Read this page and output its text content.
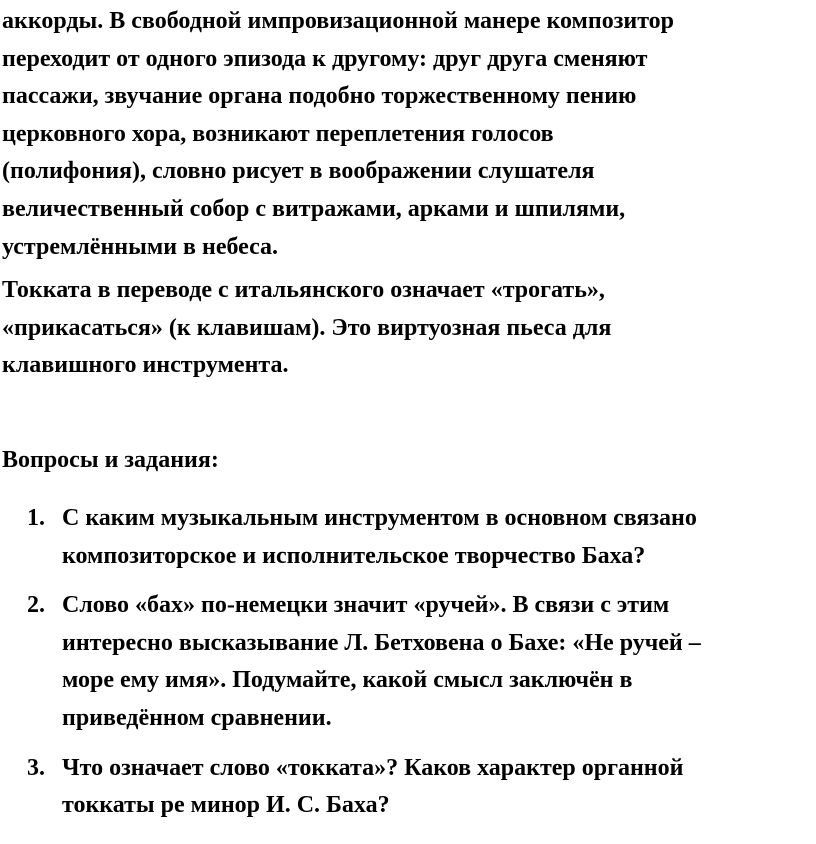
аккорды. В свободной импровизационной манере композитор
переходит от одного эпизода к другому: друг друга сменяют
пассажи, звучание органа подобно торжественному пению
церковного хора, возникают переплетения голосов
(полифония), словно рисует в воображении слушателя
величественный собор с витражами, арками и шпилями,
устремлёнными в небеса.

Токката в переводе с итальянского означает «трогать»,
«прикасаться» (к клавишам). Это виртуозная пьеса для
клавишного инструмента.

Вопросы и задания:

1. С каким музыкальным инструментом в основном связано
композиторское и исполнительское творчество Баха?
2. Слово «бах» по-немецки значит «ручей». В связи с этим
интересно высказывание Л. Бетховена о Бахе: «Не ручей –
море ему имя». Подумайте, какой смысл заключён в
приведённом сравнении.
3. Что означает слово «токката»? Каков характер органной
токкаты ре минор И. С. Баха?
